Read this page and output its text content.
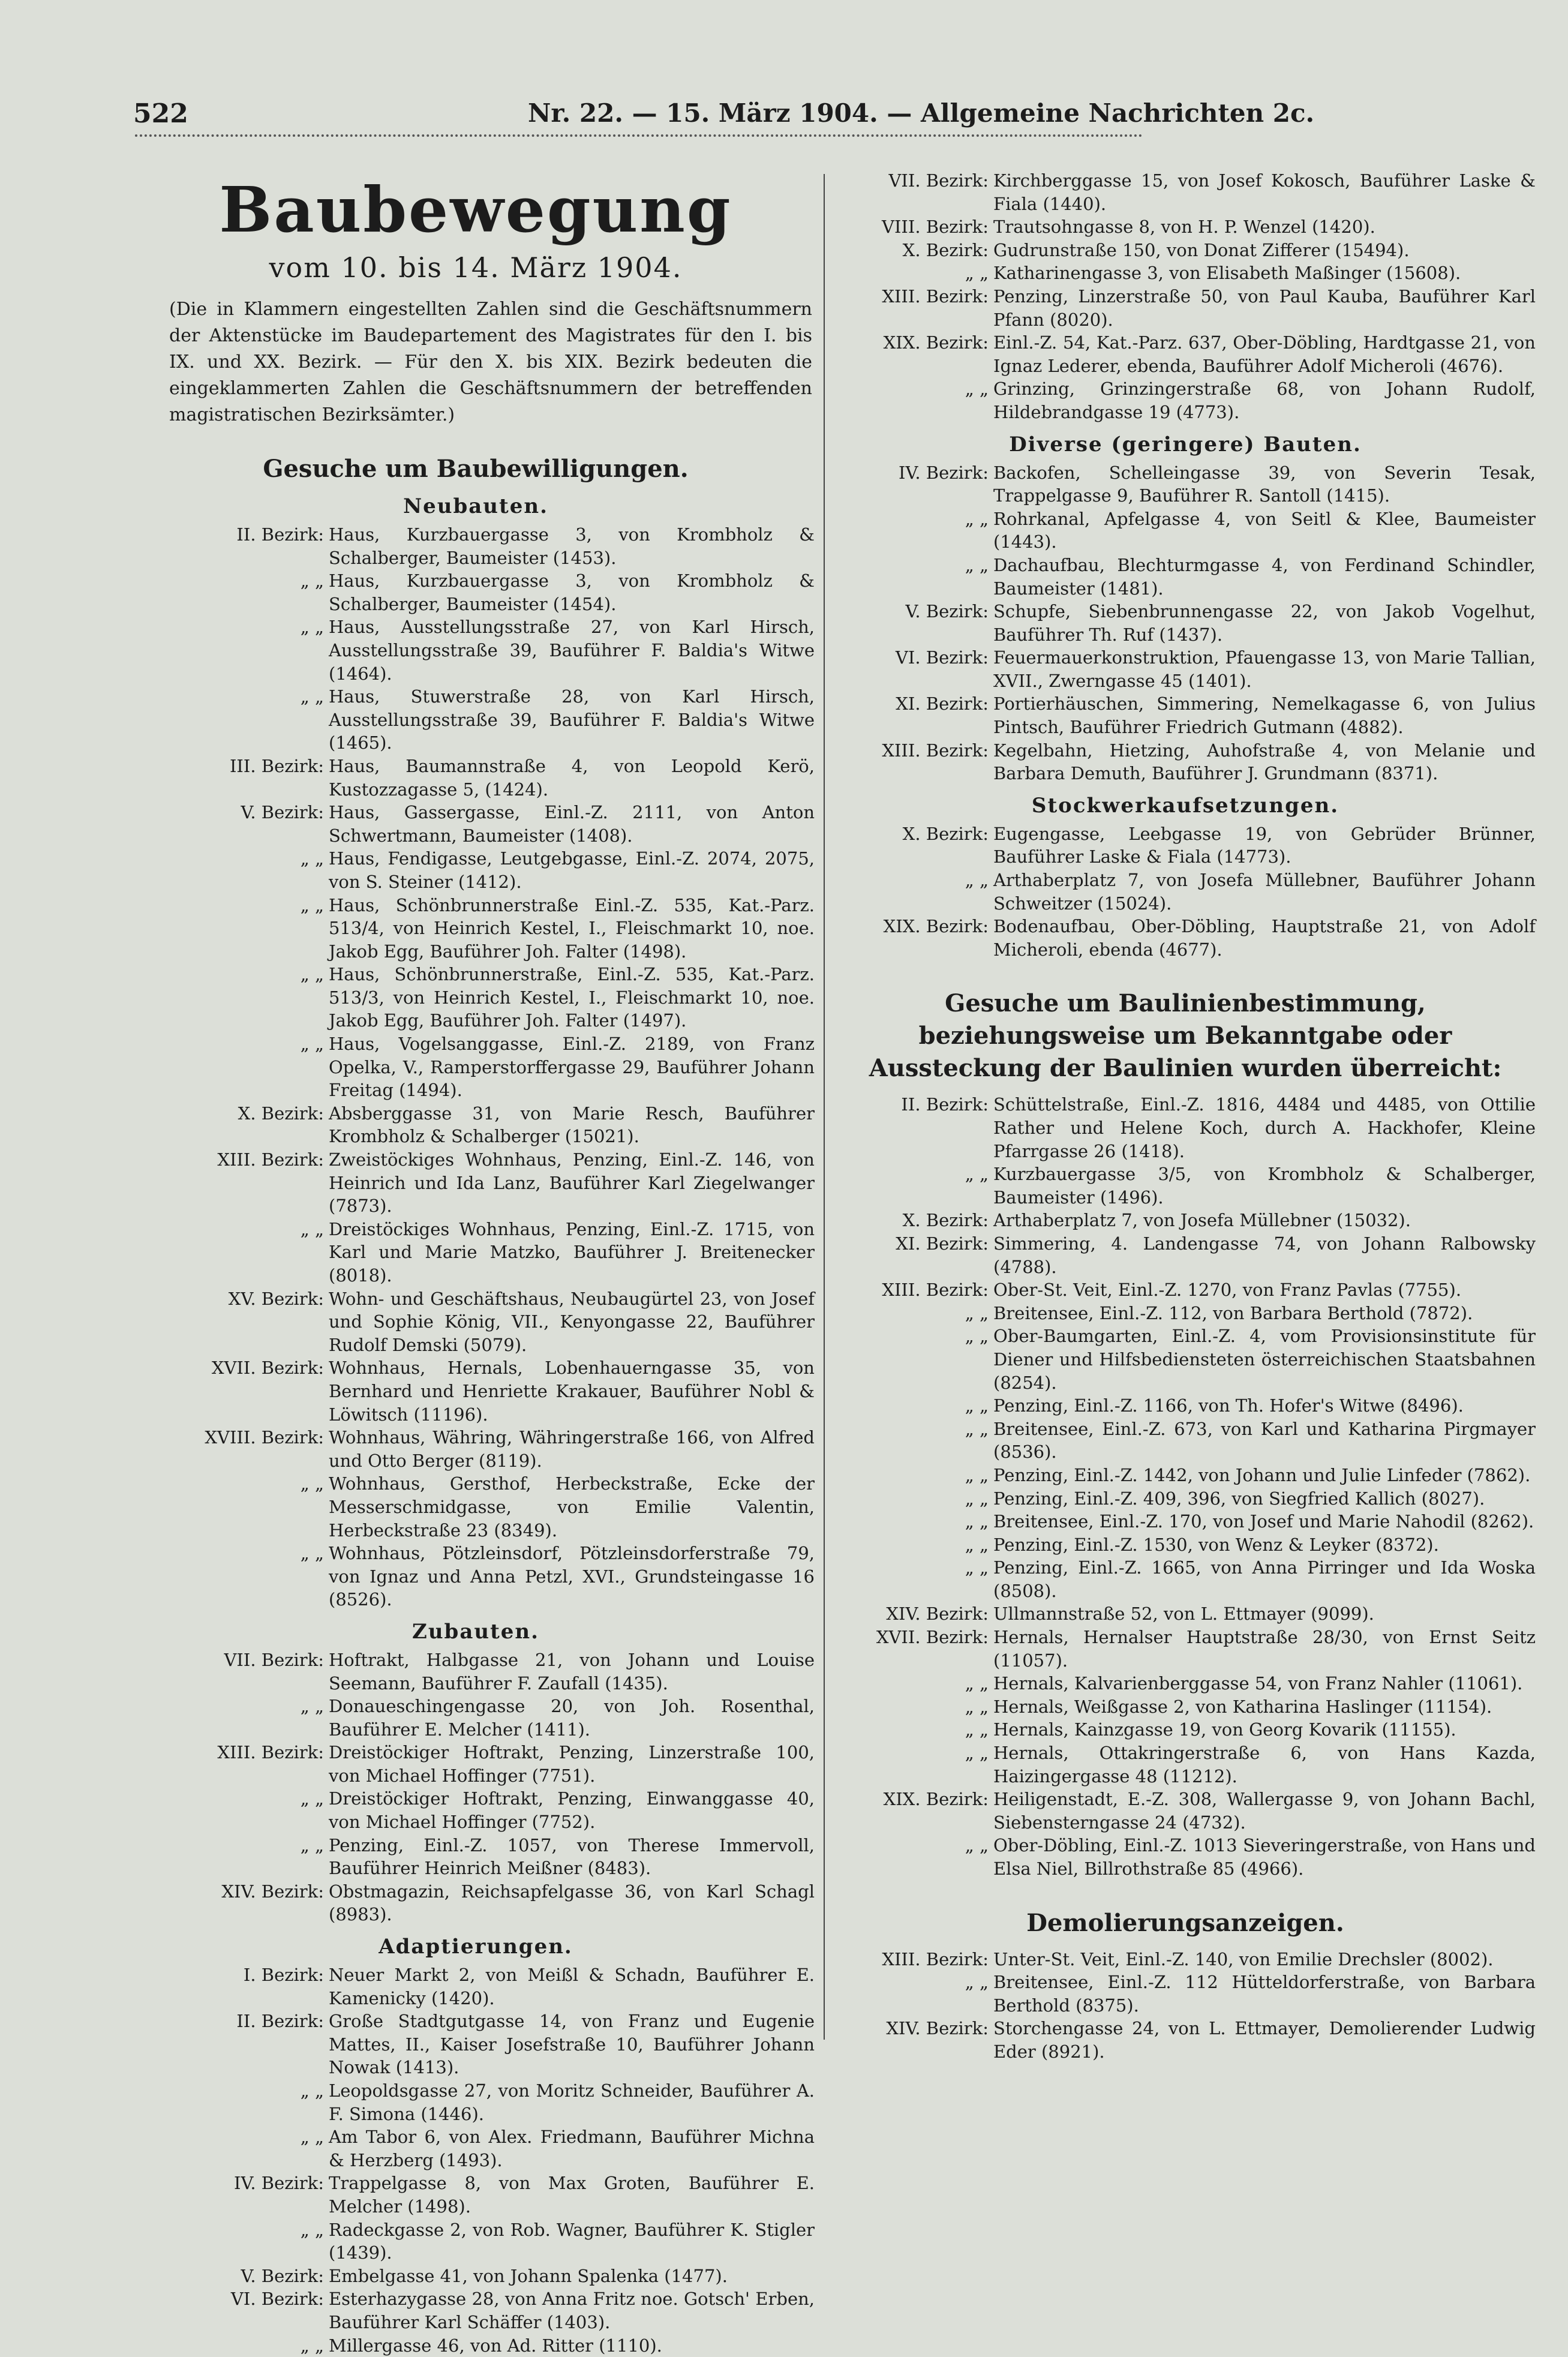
522	Nr. 22. — 15. März 1904. — Allgemeine Nachrichten 2c.
Baubewegung
vom 10. bis 14. März 1904.
(Die in Klammern eingestellten Zahlen sind die Geschäftsnummern der Aktenstücke im Baudepartement des Magistrates für den I. bis IX. und XX. Bezirk. — Für den X. bis XIX. Bezirk bedeuten die eingeklammerten Zahlen die Geschäftsnummern der betreffenden magistratischen Bezirksämter.)
Gesuche um Baubewilligungen.
Neubauten.
II. Bezirk: Haus, Kurzbauergasse 3, von Krombholz & Schalberger, Baumeister (1453).
„ „ Haus, Kurzbauergasse 3, von Krombholz & Schalberger, Baumeister (1454).
„ „ Haus, Ausstellungsstraße 27, von Karl Hirsch, Ausstellungsstraße 39, Bauführer F. Baldia's Witwe (1464).
„ „ Haus, Stuwerstraße 28, von Karl Hirsch, Ausstellungsstraße 39, Bauführer F. Baldia's Witwe (1465).
III. Bezirk: Haus, Baumannstraße 4, von Leopold Kerö, Kustozzagasse 5, (1424).
V. Bezirk: Haus, Gassergasse, Einl.-Z. 2111, von Anton Schwertmann, Baumeister (1408).
„ „ Haus, Fendigasse, Leutgebgasse, Einl.-Z. 2074, 2075, von S. Steiner (1412).
„ „ Haus, Schönbrunnerstraße Einl.-Z. 535, Kat.-Parz. 513/4, von Heinrich Kestel, I., Fleischmarkt 10, noe. Jakob Egg, Bauführer Joh. Falter (1498).
„ „ Haus, Schönbrunnerstraße, Einl.-Z. 535, Kat.-Parz. 513/3, von Heinrich Kestel, I., Fleischmarkt 10, noe. Jakob Egg, Bauführer Joh. Falter (1497).
„ „ Haus, Vogelsanggasse, Einl.-Z. 2189, von Franz Opelka, V., Ramperstorffergasse 29, Bauführer Johann Freitag (1494).
X. Bezirk: Absberggasse 31, von Marie Resch, Bauführer Krombholz & Schalberger (15021).
XIII. Bezirk: Zweistöckiges Wohnhaus, Penzing, Einl.-Z. 146, von Heinrich und Ida Lanz, Bauführer Karl Ziegelwanger (7873).
„ „ Dreistöckiges Wohnhaus, Penzing, Einl.-Z. 1715, von Karl und Marie Matzko, Bauführer J. Breitenecker (8018).
XV. Bezirk: Wohn- und Geschäftshaus, Neubaugürtel 23, von Josef und Sophie König, VII., Kenyongasse 22, Bauführer Rudolf Demski (5079).
XVII. Bezirk: Wohnhaus, Hernals, Lobenhauerngasse 35, von Bernhard und Henriette Krakauer, Bauführer Nobl & Löwitsch (11196).
XVIII. Bezirk: Wohnhaus, Währing, Währingerstraße 166, von Alfred und Otto Berger (8119).
„ „ Wohnhaus, Gersthof, Herbeckstraße, Ecke der Messerschmidgasse, von Emilie Valentin, Herbeckstraße 23 (8349).
„ „ Wohnhaus, Pötzleinsdorf, Pötzleinsdorferstraße 79, von Ignaz und Anna Petzl, XVI., Grundsteingasse 16 (8526).
Zubauten.
VII. Bezirk: Hoftrakt, Halbgasse 21, von Johann und Louise Seemann, Bauführer F. Zaufall (1435).
„ „ Donaueschingengasse 20, von Joh. Rosenthal, Bauführer E. Melcher (1411).
XIII. Bezirk: Dreistöckiger Hoftrakt, Penzing, Linzerstraße 100, von Michael Hoffinger (7751).
„ „ Dreistöckiger Hoftrakt, Penzing, Einwanggasse 40, von Michael Hoffinger (7752).
„ „ Penzing, Einl.-Z. 1057, von Therese Immervoll, Bauführer Heinrich Meißner (8483).
XIV. Bezirk: Obstmagazin, Reichsapfelgasse 36, von Karl Schagl (8983).
Adaptierungen.
I. Bezirk: Neuer Markt 2, von Meißl & Schadn, Bauführer E. Kamenicky (1420).
II. Bezirk: Große Stadtgutgasse 14, von Franz und Eugenie Mattes, II., Kaiser Josefstraße 10, Bauführer Johann Nowak (1413).
„ „ Leopoldsgasse 27, von Moritz Schneider, Bauführer A. F. Simona (1446).
„ „ Am Tabor 6, von Alex. Friedmann, Bauführer Michna & Herzberg (1493).
IV. Bezirk: Trappelgasse 8, von Max Groten, Bauführer E. Melcher (1498).
„ „ Radeckgasse 2, von Rob. Wagner, Bauführer K. Stigler (1439).
V. Bezirk: Embelgasse 41, von Johann Spalenka (1477).
VI. Bezirk: Esterhazygasse 28, von Anna Fritz noe. Gotsch' Erben, Bauführer Karl Schäffer (1403).
„ „ Millergasse 46, von Ad. Ritter (1110).
VII. Bezirk: Kirchberggasse 15, von Josef Kokosch, Bauführer Laske & Fiala (1440).
VIII. Bezirk: Trautsohngasse 8, von H. P. Wenzel (1420).
X. Bezirk: Gudrunstraße 150, von Donat Zifferer (15494).
„ „ Katharinengasse 3, von Elisabeth Maßinger (15608).
XIII. Bezirk: Penzing, Linzerstraße 50, von Paul Kauba, Bauführer Karl Pfann (8020).
XIX. Bezirk: Einl.-Z. 54, Kat.-Parz. 637, Ober-Döbling, Hardtgasse 21, von Ignaz Lederer, ebenda, Bauführer Adolf Micheroli (4676).
„ „ Grinzing, Grinzingerstraße 68, von Johann Rudolf, Hildebrandgasse 19 (4773).
Diverse (geringere) Bauten.
IV. Bezirk: Backofen, Schelleingasse 39, von Severin Tesak, Trappelgasse 9, Bauführer R. Santoll (1415).
„ „ Rohrkanal, Apfelgasse 4, von Seitl & Klee, Baumeister (1443).
„ „ Dachaufbau, Blechturmgasse 4, von Ferdinand Schindler, Baumeister (1481).
V. Bezirk: Schupfe, Siebenbrunnengasse 22, von Jakob Vogelhut, Bauführer Th. Ruf (1437).
VI. Bezirk: Feuermauerkonstruktion, Pfauengasse 13, von Marie Tallian, XVII., Zwerngasse 45 (1401).
XI. Bezirk: Portierhäuschen, Simmering, Nemelkagasse 6, von Julius Pintsch, Bauführer Friedrich Gutmann (4882).
XIII. Bezirk: Kegelbahn, Hietzing, Auhofstraße 4, von Melanie und Barbara Demuth, Bauführer J. Grundmann (8371).
Stockwerkaufsetzungen.
X. Bezirk: Eugengasse, Leebgasse 19, von Gebrüder Brünner, Bauführer Laske & Fiala (14773).
„ „ Arthaberplatz 7, von Josefa Müllebner, Bauführer Johann Schweitzer (15024).
XIX. Bezirk: Bodenaufbau, Ober-Döbling, Hauptstraße 21, von Adolf Micheroli, ebenda (4677).
Gesuche um Baulinienbestimmung, beziehungsweise um Bekanntgabe oder Aussteckung der Baulinien wurden überreicht:
II. Bezirk: Schüttelstraße, Einl.-Z. 1816, 4484 und 4485, von Ottilie Rather und Helene Koch, durch A. Hackhofer, Kleine Pfarrgasse 26 (1418).
„ „ Kurzbauergasse 3/5, von Krombholz & Schalberger, Baumeister (1496).
X. Bezirk: Arthaberplatz 7, von Josefa Müllebner (15032).
XI. Bezirk: Simmering, 4. Landengasse 74, von Johann Ralbowsky (4788).
XIII. Bezirk: Ober-St. Veit, Einl.-Z. 1270, von Franz Pavlas (7755).
„ „ Breitensee, Einl.-Z. 112, von Barbara Berthold (7872).
„ „ Ober-Baumgarten, Einl.-Z. 4, vom Provisionsinstitute für Diener und Hilfsbediensteten österreichischen Staatsbahnen (8254).
„ „ Penzing, Einl.-Z. 1166, von Th. Hofer's Witwe (8496).
„ „ Breitensee, Einl.-Z. 673, von Karl und Katharina Pirgmayer (8536).
„ „ Penzing, Einl.-Z. 1442, von Johann und Julie Linfeder (7862).
„ „ Penzing, Einl.-Z. 409, 396, von Siegfried Kallich (8027).
„ „ Breitensee, Einl.-Z. 170, von Josef und Marie Nahodil (8262).
„ „ Penzing, Einl.-Z. 1530, von Wenz & Leyker (8372).
„ „ Penzing, Einl.-Z. 1665, von Anna Pirringer und Ida Woska (8508).
XIV. Bezirk: Ullmannstraße 52, von L. Ettmayer (9099).
XVII. Bezirk: Hernals, Hernalser Hauptstraße 28/30, von Ernst Seitz (11057).
„ „ Hernals, Kalvarienberggasse 54, von Franz Nahler (11061).
„ „ Hernals, Weißgasse 2, von Katharina Haslinger (11154).
„ „ Hernals, Kainzgasse 19, von Georg Kovarik (11155).
„ „ Hernals, Ottakringerstraße 6, von Hans Kazda, Haizingergasse 48 (11212).
XIX. Bezirk: Heiligenstadt, E.-Z. 308, Wallergasse 9, von Johann Bachl, Siebensterngasse 24 (4732).
„ „ Ober-Döbling, Einl.-Z. 1013 Sieveringerstraße, von Hans und Elsa Niel, Billrothstraße 85 (4966).
Demolierungsanzeigen.
XIII. Bezirk: Unter-St. Veit, Einl.-Z. 140, von Emilie Drechsler (8002).
„ „ Breitensee, Einl.-Z. 112 Hütteldorferstraße, von Barbara Berthold (8375).
XIV. Bezirk: Storchengasse 24, von L. Ettmayer, Demolierender Ludwig Eder (8921).
